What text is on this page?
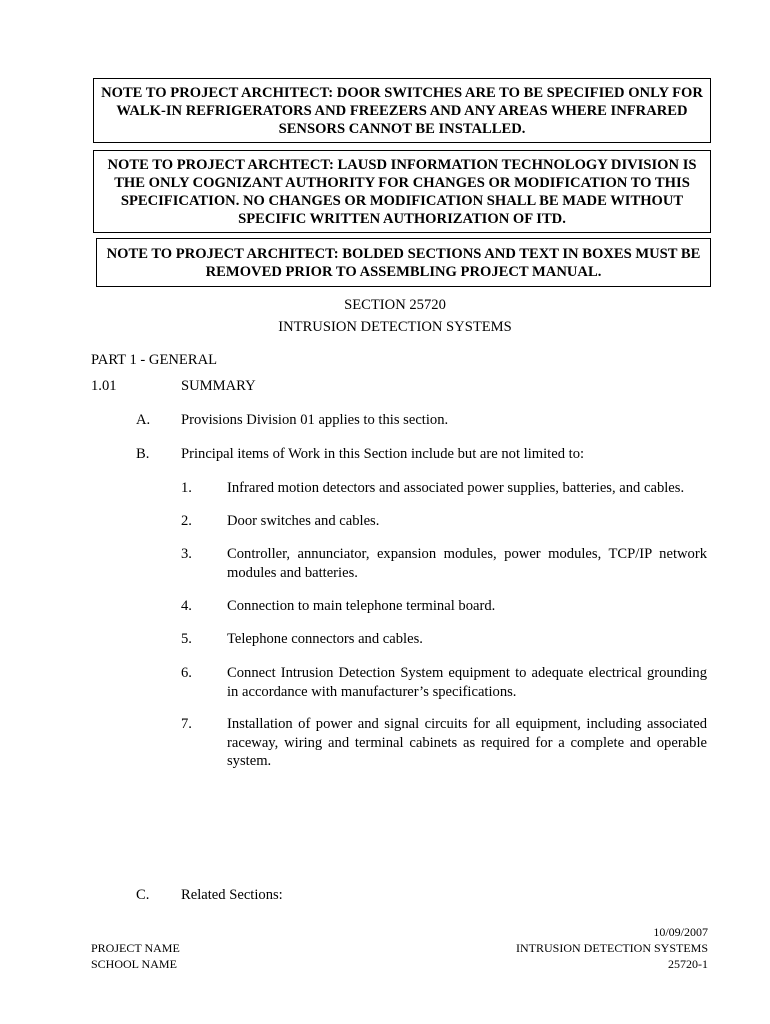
NOTE TO PROJECT ARCHITECT: DOOR SWITCHES ARE TO BE SPECIFIED ONLY FOR WALK-IN REFRIGERATORS AND FREEZERS AND ANY AREAS WHERE INFRARED SENSORS CANNOT BE INSTALLED.
NOTE TO PROJECT ARCHTECT: LAUSD INFORMATION TECHNOLOGY DIVISION IS THE ONLY COGNIZANT AUTHORITY FOR CHANGES OR MODIFICATION TO THIS SPECIFICATION. NO CHANGES OR MODIFICATION SHALL BE MADE WITHOUT SPECIFIC WRITTEN AUTHORIZATION OF ITD.
NOTE TO PROJECT ARCHITECT: BOLDED SECTIONS AND TEXT IN BOXES MUST BE REMOVED PRIOR TO ASSEMBLING PROJECT MANUAL.
SECTION 25720
INTRUSION DETECTION SYSTEMS
PART 1 - GENERAL
1.01	SUMMARY
A. Provisions Division 01 applies to this section.
B. Principal items of Work in this Section include but are not limited to:
1. Infrared motion detectors and associated power supplies, batteries, and cables.
2. Door switches and cables.
3. Controller, annunciator, expansion modules, power modules, TCP/IP network modules and batteries.
4. Connection to main telephone terminal board.
5. Telephone connectors and cables.
6. Connect Intrusion Detection System equipment to adequate electrical grounding in accordance with manufacturer’s specifications.
7. Installation of power and signal circuits for all equipment, including associated raceway, wiring and terminal cabinets as required for a complete and operable system.
C. Related Sections:
10/09/2007
PROJECT NAME	INTRUSION DETECTION SYSTEMS
SCHOOL NAME	25720-1
